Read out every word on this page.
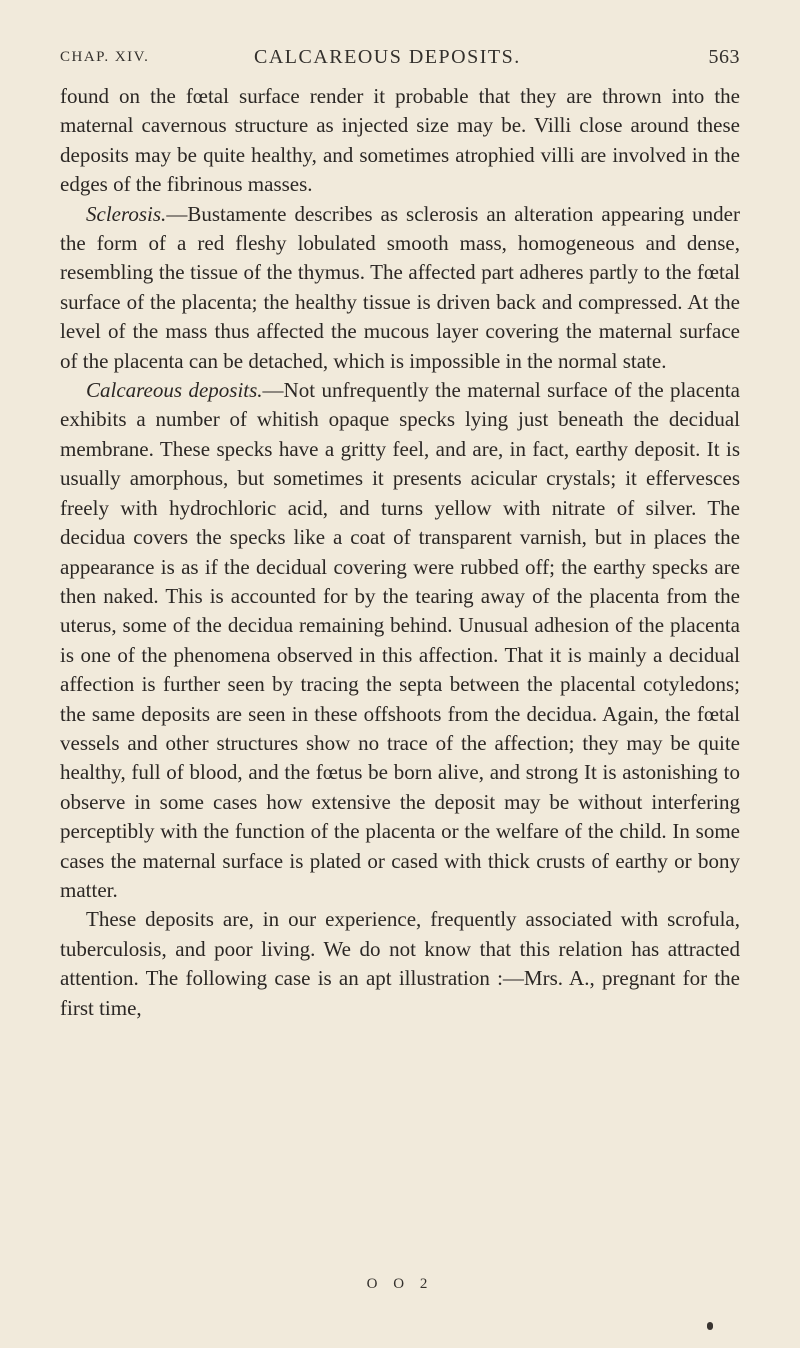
CHAP. XIV.	CALCAREOUS DEPOSITS.	563

found on the fœtal surface render it probable that they are thrown into the maternal cavernous structure as injected size may be. Villi close around these deposits may be quite healthy, and sometimes atrophied villi are involved in the edges of the fibrinous masses.

Sclerosis.—Bustamente describes as sclerosis an alteration appearing under the form of a red fleshy lobulated smooth mass, homogeneous and dense, resembling the tissue of the thymus. The affected part adheres partly to the fœtal surface of the placenta; the healthy tissue is driven back and compressed. At the level of the mass thus affected the mucous layer covering the maternal surface of the placenta can be detached, which is impossible in the normal state.

Calcareous deposits.—Not unfrequently the maternal surface of the placenta exhibits a number of whitish opaque specks lying just beneath the decidual membrane. These specks have a gritty feel, and are, in fact, earthy deposit. It is usually amorphous, but sometimes it presents acicular crystals; it effervesces freely with hydrochloric acid, and turns yellow with nitrate of silver. The decidua covers the specks like a coat of transparent varnish, but in places the appearance is as if the decidual covering were rubbed off; the earthy specks are then naked. This is accounted for by the tearing away of the placenta from the uterus, some of the decidua remaining behind. Unusual adhesion of the placenta is one of the phenomena observed in this affection. That it is mainly a decidual affection is further seen by tracing the septa between the placental cotyledons; the same deposits are seen in these offshoots from the decidua. Again, the fœtal vessels and other structures show no trace of the affection; they may be quite healthy, full of blood, and the fœtus be born alive, and strong It is astonishing to observe in some cases how extensive the deposit may be without interfering perceptibly with the function of the placenta or the welfare of the child. In some cases the maternal surface is plated or cased with thick crusts of earthy or bony matter.

These deposits are, in our experience, frequently associated with scrofula, tuberculosis, and poor living. We do not know that this relation has attracted attention. The following case is an apt illustration :—Mrs. A., pregnant for the first time,

O O 2
